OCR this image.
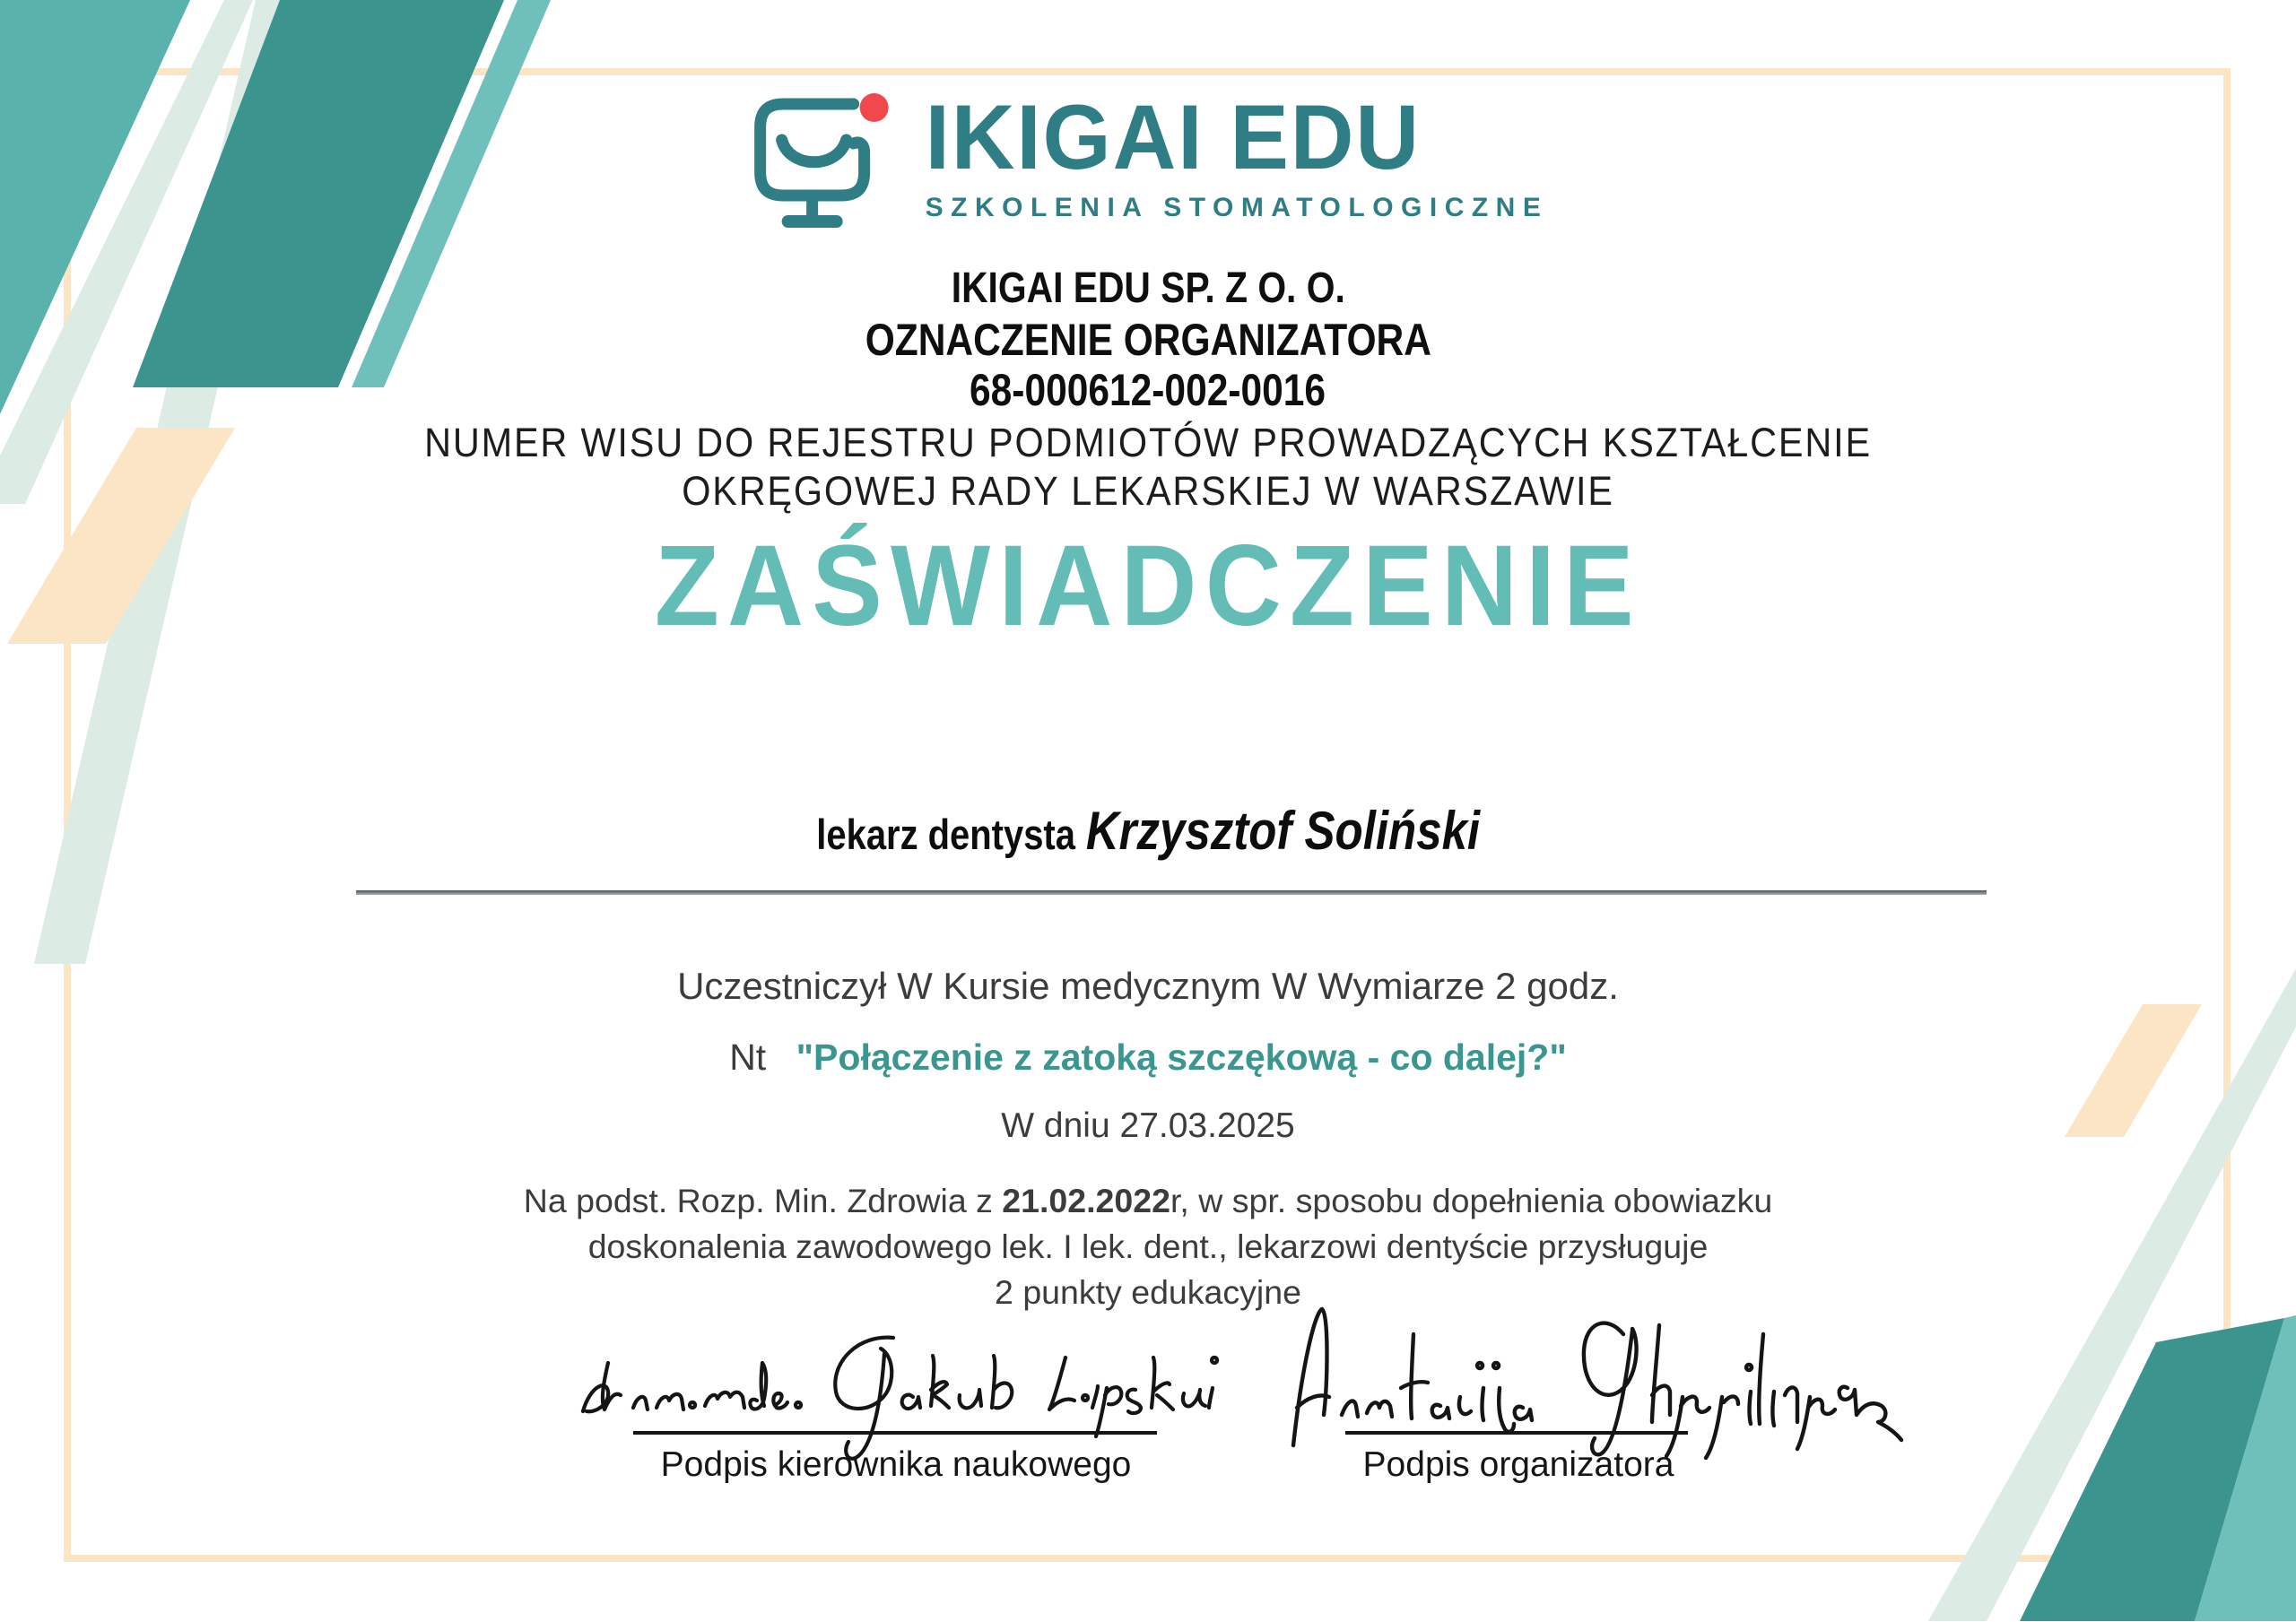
IKIGAI EDU
SZKOLENIA STOMATOLOGICZNE
IKIGAI EDU SP. Z O. O.
OZNACZENIE ORGANIZATORA
68-000612-002-0016
NUMER WISU DO REJESTRU PODMIOTÓW PROWADZĄCYCH KSZTAŁCENIE
OKRĘGOWEJ RADY LEKARSKIEJ W WARSZAWIE
ZAŚWIADCZENIE
lekarz dentysta Krzysztof Soliński
Uczestniczył W Kursie medycznym W Wymiarze 2 godz.
Nt "Połączenie z zatoką szczękową - co dalej?"
W dniu 27.03.2025
Na podst. Rozp. Min. Zdrowia z 21.02.2022r, w spr. sposobu dopełnienia obowiazku
doskonalenia zawodowego lek. I lek. dent., lekarzowi dentyście przysługuje
2 punkty edukacyjne
Podpis kierownika naukowego	Podpis organizatora
